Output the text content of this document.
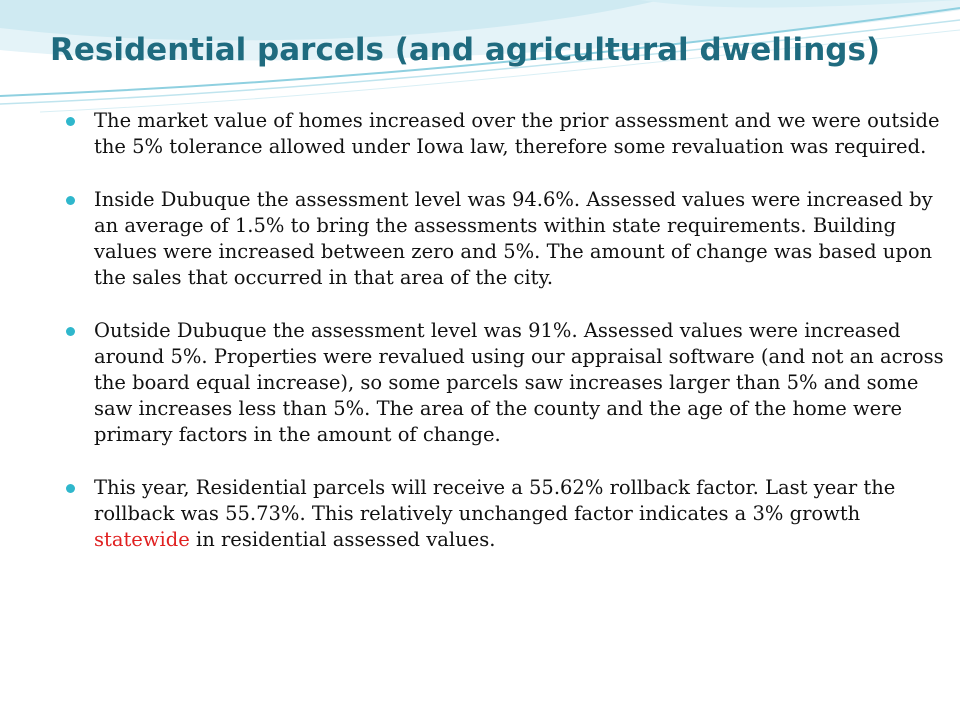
Residential parcels (and agricultural dwellings)
The market value of homes increased over the prior assessment and we were outside the 5% tolerance allowed under Iowa law, therefore some revaluation was required.
Inside Dubuque the assessment level was 94.6%. Assessed values were increased by an average of 1.5% to bring the assessments within state requirements. Building values were increased between zero and 5%. The amount of change was based upon the sales that occurred in that area of the city.
Outside Dubuque the assessment level was 91%. Assessed values were increased around 5%. Properties were revalued using our appraisal software (and not an across the board equal increase), so some parcels saw increases larger than 5% and some saw increases less than 5%. The area of the county and the age of the home were primary factors in the amount of change.
This year, Residential parcels will receive a 55.62% rollback factor. Last year the rollback was 55.73%. This relatively unchanged factor indicates a 3% growth statewide in residential assessed values.
